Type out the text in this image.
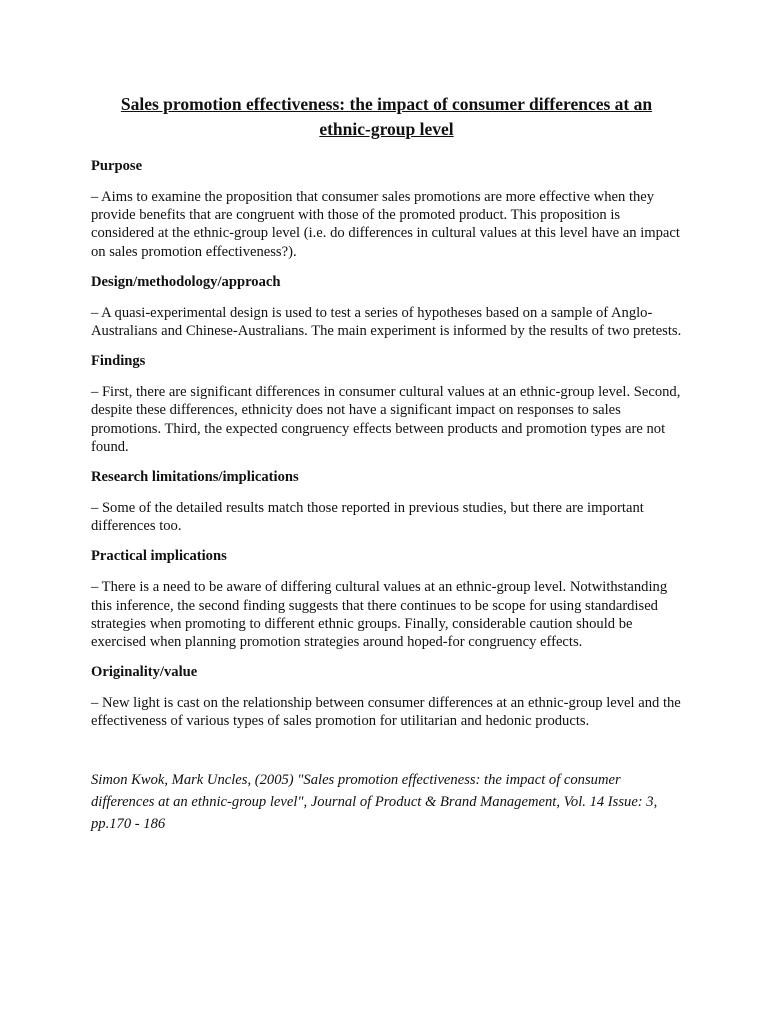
Sales promotion effectiveness: the impact of consumer differences at an ethnic-group level
Purpose

– Aims to examine the proposition that consumer sales promotions are more effective when they provide benefits that are congruent with those of the promoted product. This proposition is considered at the ethnic-group level (i.e. do differences in cultural values at this level have an impact on sales promotion effectiveness?).

Design/methodology/approach

– A quasi-experimental design is used to test a series of hypotheses based on a sample of Anglo-Australians and Chinese-Australians. The main experiment is informed by the results of two pretests.

Findings

– First, there are significant differences in consumer cultural values at an ethnic-group level. Second, despite these differences, ethnicity does not have a significant impact on responses to sales promotions. Third, the expected congruency effects between products and promotion types are not found.

Research limitations/implications

– Some of the detailed results match those reported in previous studies, but there are important differences too.

Practical implications

– There is a need to be aware of differing cultural values at an ethnic-group level. Notwithstanding this inference, the second finding suggests that there continues to be scope for using standardised strategies when promoting to different ethnic groups. Finally, considerable caution should be exercised when planning promotion strategies around hoped-for congruency effects.

Originality/value

– New light is cast on the relationship between consumer differences at an ethnic-group level and the effectiveness of various types of sales promotion for utilitarian and hedonic products.

Simon Kwok, Mark Uncles, (2005) "Sales promotion effectiveness: the impact of consumer differences at an ethnic-group level", Journal of Product & Brand Management, Vol. 14 Issue: 3, pp.170 - 186
